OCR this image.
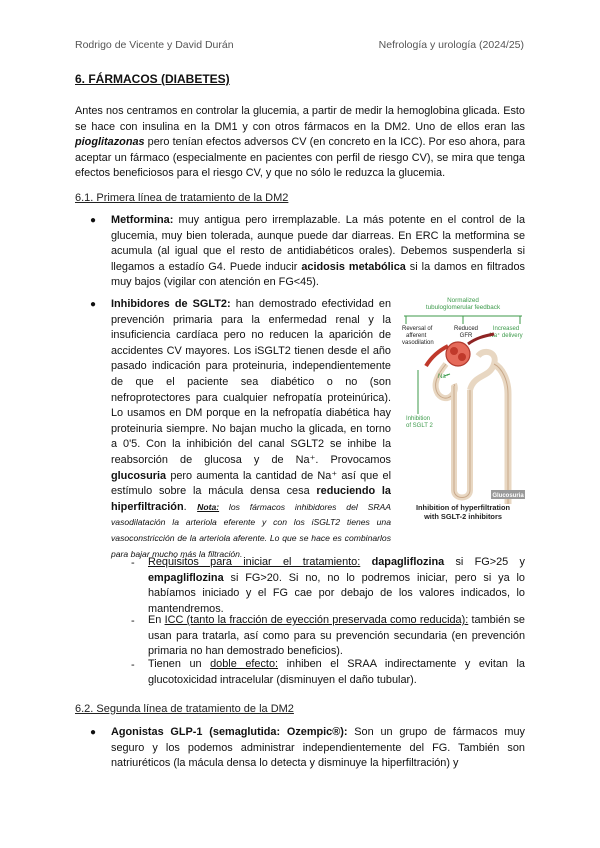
Rodrigo de Vicente y David Durán	Nefrología y urología (2024/25)
6. FÁRMACOS (DIABETES)

Antes nos centramos en controlar la glucemia, a partir de medir la hemoglobina glicada. Esto se hace con insulina en la DM1 y con otros fármacos en la DM2. Uno de ellos eran las pioglitazonas pero tenían efectos adversos CV (en concreto en la ICC). Por eso ahora, para aceptar un fármaco (especialmente en pacientes con perfil de riesgo CV), se mira que tenga efectos beneficiosos para el riesgo CV, y que no sólo le reduzca la glucemia.

6.1. Primera línea de tratamiento de la DM2
● Metformina: muy antigua pero irremplazable. La más potente en el control de la glucemia, muy bien tolerada, aunque puede dar diarreas. En ERC la metformina se acumula (al igual que el resto de antidiabéticos orales). Debemos suspenderla si llegamos a estadío G4. Puede inducir acidosis metabólica si la damos en filtrados muy bajos (vigilar con atención en FG<45).

● Inhibidores de SGLT2: han demostrado efectividad en prevención primaria para la enfermedad renal y la insuficiencia cardíaca pero no reducen la aparición de accidentes CV mayores. Los iSGLT2 tienen desde el año pasado indicación para proteinuria, independientemente de que el paciente sea diabético o no (son nefroprotectores para cualquier nefropatía proteinúrica). Lo usamos en DM porque en la nefropatía diabética hay proteinuria siempre. No bajan mucho la glicada, en torno a 0'5. Con la inhibición del canal SGLT2 se inhibe la reabsorción de glucosa y de Na⁺. Provocamos glucosuria pero aumenta la cantidad de Na⁺ así que el estímulo sobre la mácula densa cesa reduciendo la hiperfiltración. Nota: los fármacos inhibidores del SRAA vasodilatación la arteriola eferente y con los iSGLT2 tienes una vasoconstricción de la arteriola aferente. Lo que se hace es combinarlos para bajar mucho más la filtración.

Normalized
tubuloglomerular feedback
Reversal of
afferent
vasodilation
Reduced
GFR
Increased
Na⁺ delivery
Na⁺
Inhibition
of SGLT 2
Glucosuria
Inhibition of hyperfiltration
with SGLT-2 inhibitors
- Requisitos para iniciar el tratamiento: dapagliflozina si FG>25 y empagliflozina si FG>20. Si no, no lo podremos iniciar, pero si ya lo habíamos iniciado y el FG cae por debajo de los valores indicados, lo mantendremos.

- En ICC (tanto la fracción de eyección preservada como reducida): también se usan para tratarla, así como para su prevención secundaria (en prevención primaria no han demostrado beneficios).

- Tienen un doble efecto: inhiben el SRAA indirectamente y evitan la glucotoxicidad intracelular (disminuyen el daño tubular).

6.2. Segunda línea de tratamiento de la DM2
● Agonistas GLP-1 (semaglutida: Ozempic®): Son un grupo de fármacos muy seguro y los podemos administrar independientemente del FG. También son natriuréticos (la mácula densa lo detecta y disminuye la hiperfiltración) y
